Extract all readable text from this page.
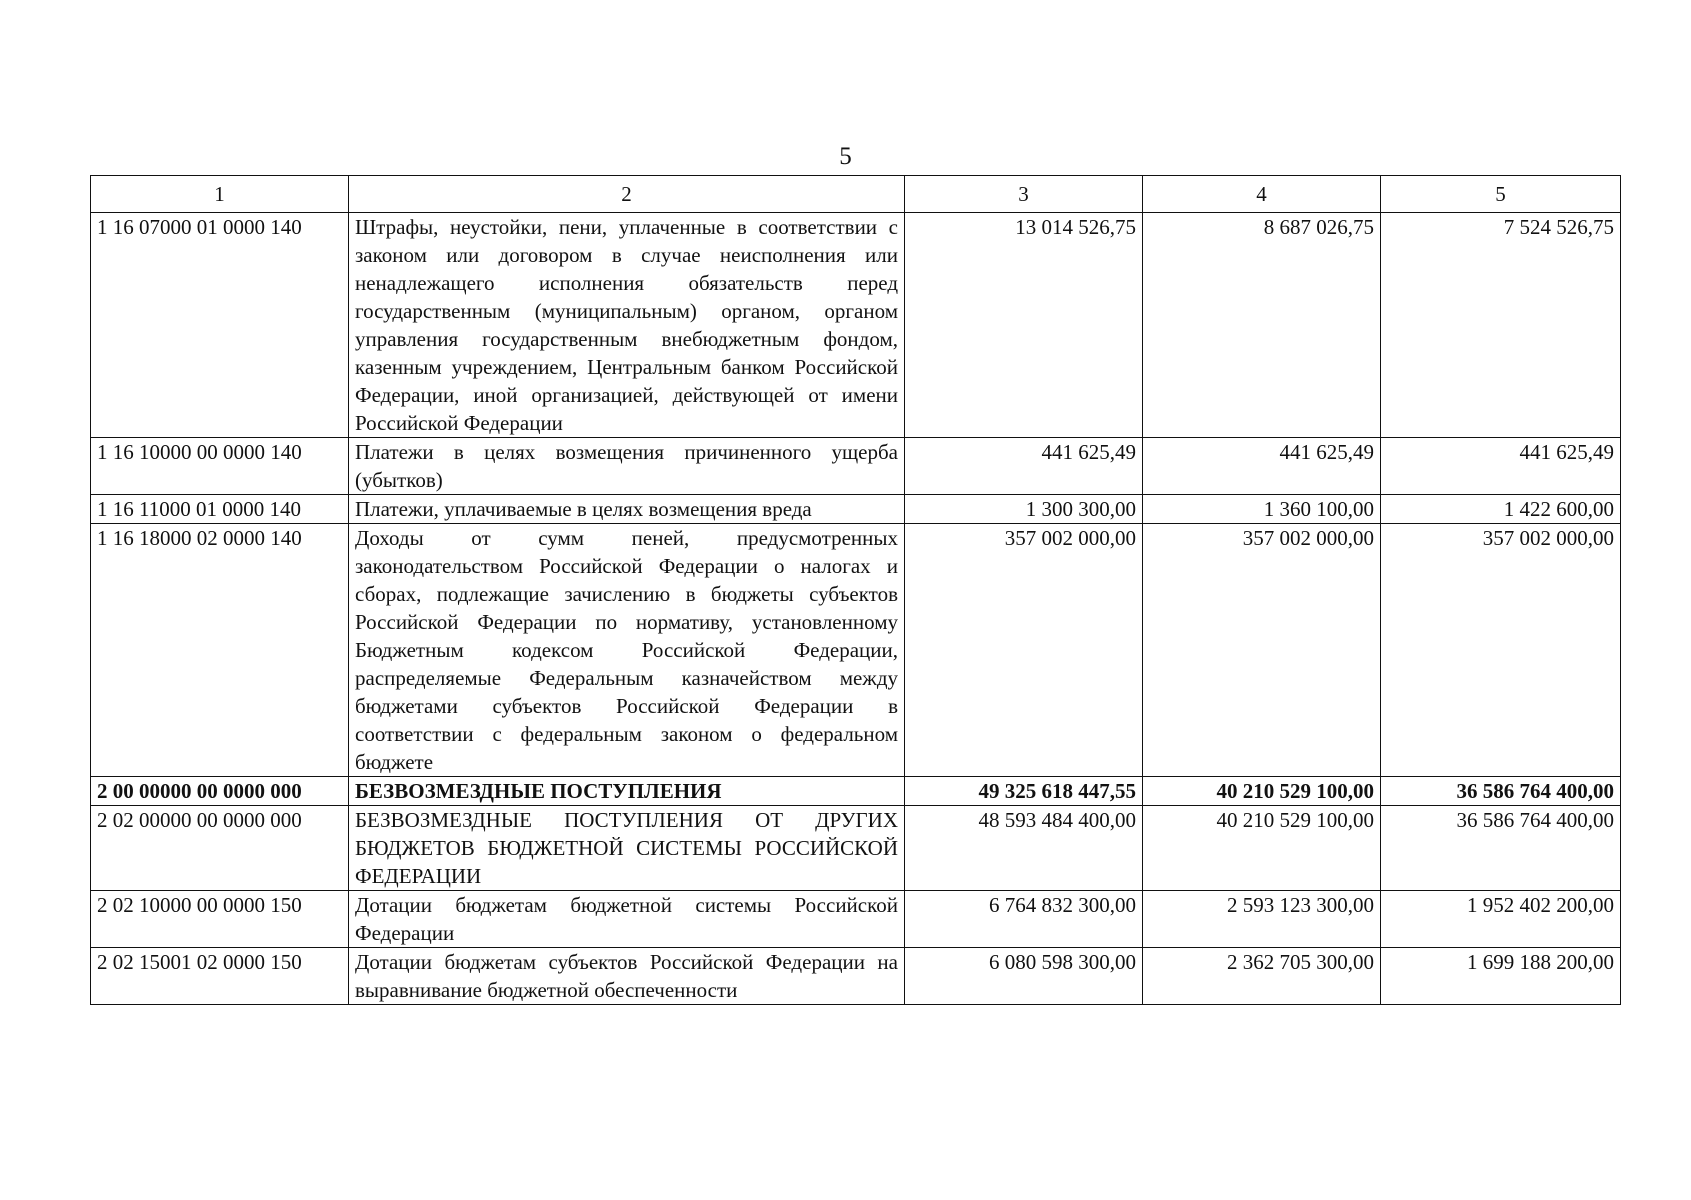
5
1	2	3	4	5
1 16 07000 01 0000 140	Штрафы, неустойки, пени, уплаченные в соответствии с законом или договором в случае неисполнения или ненадлежащего исполнения обязательств перед государственным (муниципальным) органом, органом управления государственным внебюджетным фондом, казенным учреждением, Центральным банком Российской Федерации, иной организацией, действующей от имени Российской Федерации	13 014 526,75	8 687 026,75	7 524 526,75
1 16 10000 00 0000 140	Платежи в целях возмещения причиненного ущерба (убытков)	441 625,49	441 625,49	441 625,49
1 16 11000 01 0000 140	Платежи, уплачиваемые в целях возмещения вреда	1 300 300,00	1 360 100,00	1 422 600,00
1 16 18000 02 0000 140	Доходы от сумм пеней, предусмотренных законодательством Российской Федерации о налогах и сборах, подлежащие зачислению в бюджеты субъектов Российской Федерации по нормативу, установленному Бюджетным кодексом Российской Федерации, распределяемые Федеральным казначейством между бюджетами субъектов Российской Федерации в соответствии с федеральным законом о федеральном бюджете	357 002 000,00	357 002 000,00	357 002 000,00
2 00 00000 00 0000 000	БЕЗВОЗМЕЗДНЫЕ ПОСТУПЛЕНИЯ	49 325 618 447,55	40 210 529 100,00	36 586 764 400,00
2 02 00000 00 0000 000	БЕЗВОЗМЕЗДНЫЕ ПОСТУПЛЕНИЯ ОТ ДРУГИХ БЮДЖЕТОВ БЮДЖЕТНОЙ СИСТЕМЫ РОССИЙСКОЙ ФЕДЕРАЦИИ	48 593 484 400,00	40 210 529 100,00	36 586 764 400,00
2 02 10000 00 0000 150	Дотации бюджетам бюджетной системы Российской Федерации	6 764 832 300,00	2 593 123 300,00	1 952 402 200,00
2 02 15001 02 0000 150	Дотации бюджетам субъектов Российской Федерации на выравнивание бюджетной обеспеченности	6 080 598 300,00	2 362 705 300,00	1 699 188 200,00
